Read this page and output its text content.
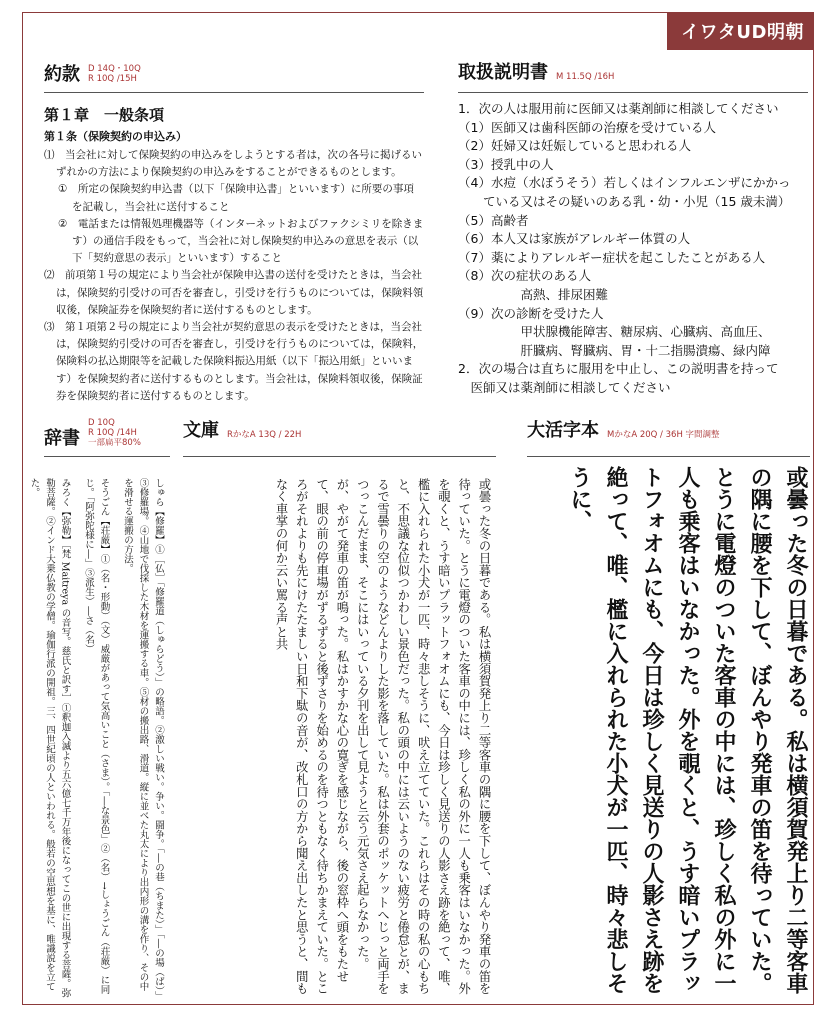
イワタUD明朝
約款 D 14Q・10Q
R 10Q /15H	取扱説明書 M 11.5Q /16H
辞書
D 10Q
R 10Q /14H
一部扁平80%
文庫 RかなA 13Q / 22H	大活字本 MかなA 20Q / 36H 字間調整
第１章　一般条項
第１条（保険契約の申込み）

⑴　当会社に対して保険契約の申込みをしようとする者は，次の各号に掲げるいずれかの方法により保険契約の申込みをすることができるものとします。

①　所定の保険契約申込書（以下「保険申込書」といいます）に所要の事項を記載し，当会社に送付すること

②　電話または情報処理機器等（インターネットおよびファクシミリを除きます）の通信手段をもって，当会社に対し保険契約申込みの意思を表示（以下「契約意思の表示」といいます）すること

⑵　前項第１号の規定により当会社が保険申込書の送付を受けたときは，当会社は，保険契約引受けの可否を審査し，引受けを行うものについては，保険料領収後，保険証券を保険契約者に送付するものとします。

⑶　第１項第２号の規定により当会社が契約意思の表示を受けたときは，当会社は，保険契約引受けの可否を審査し，引受けを行うものについては，保険料，保険料の払込期限等を記載した保険料振込用紙（以下「振込用紙」といいます）を保険契約者に送付するものとします。当会社は，保険料領収後，保険証券を保険契約者に送付するものとします。

1．次の人は服用前に医師又は薬剤師に相談してください
（1）医師又は歯科医師の治療を受けている人
（2）妊婦又は妊娠していると思われる人
（3）授乳中の人
（4）水痘（水ぼうそう）若しくはインフルエンザにかかっ
　　ている又はその疑いのある乳・幼・小児（15 歳未満）
（5）高齢者
（6）本人又は家族がアレルギー体質の人
（7）薬によりアレルギー症状を起こしたことがある人
（8）次の症状のある人
　　　　　高熱、排尿困難
（9）次の診断を受けた人
　　　　　甲状腺機能障害、糖尿病、心臓病、高血圧、
　　　　　肝臓病、腎臓病、胃・十二指腸潰瘍、緑内障
2．次の場合は直ちに服用を中止し、この説明書を持って
　医師又は薬剤師に相談してください

しゅら【修羅】①［仏］「修羅道（しゅらどう）」の略語。②激しい戦い。争い。闘争。「―の巷（ちまた）」「―の場（ば）」③修羅場。④山地で伐採した木材を運搬する車。⑤材の搬出路、滑道。縦に並べた丸太により出内形の溝を作り、その中を滑せる運搬の方法。

そうごん【荘厳】①（名・形動）（文）威厳があって気高いこと（さま）。「―な景色」②（名）→しょうごん（荘厳）に同じ。「阿弥陀様に―」③派生）―さ（名）

みろく【弥勒】［梵 Maitreya の音写。慈氏と訳す］①釈迦入滅より五六億七千万年後になってこの世に出現する菩薩。弥勒菩薩。②インド大乗仏教の学僧。瑜伽行派の開祖。三、四世紀頃の人といわれる。般若の空思想を基に、唯識説を立てた。	或曇った冬の日暮である。私は横須賀発上り二等客車の隅に腰を下して、ぼんやり発車の笛を待っていた。とうに電燈のついた客車の中には、珍しく私の外に一人も乗客はいなかった。外を覗くと、うす暗いプラットフォオムにも、今日は珍しく見送りの人影さえ跡を絶って、唯、檻に入れられた小犬が一匹、時々悲しそうに、吠え立てていた。これらはその時の私の心もちと、不思議な位似つかわしい景色だった。私の頭の中には云いようのない疲労と倦怠とが、まるで雪曇りの空のようなどんよりした影を落していた。私は外套のポッケットへじっと両手をつっこんだまま、そこにはいっている夕刊を出して見ようと云う元気さえ起らなかった。

が、やがて発車の笛が鳴った。私はかすかな心の寛ぎを感じながら、後の窓枠へ頭をもたせて、眼の前の停車場がずるずると後ずさりを始めるのを待つともなく待ちかまえていた。ところがそれよりも先にけたたましい日和下駄の音が、改札口の方から聞え出したと思うと、間もなく車掌の何か云い罵る声と共	或曇った冬の日暮である。私は横須賀発上り二等客車の隅に腰を下して、ぼんやり発車の笛を待っていた。とうに電燈のついた客車の中には、珍しく私の外に一人も乗客はいなかった。外を覗くと、うす暗いプラットフォオムにも、今日は珍しく見送りの人影さえ跡を絶って、唯、檻に入れられた小犬が一匹、時々悲しそうに、
